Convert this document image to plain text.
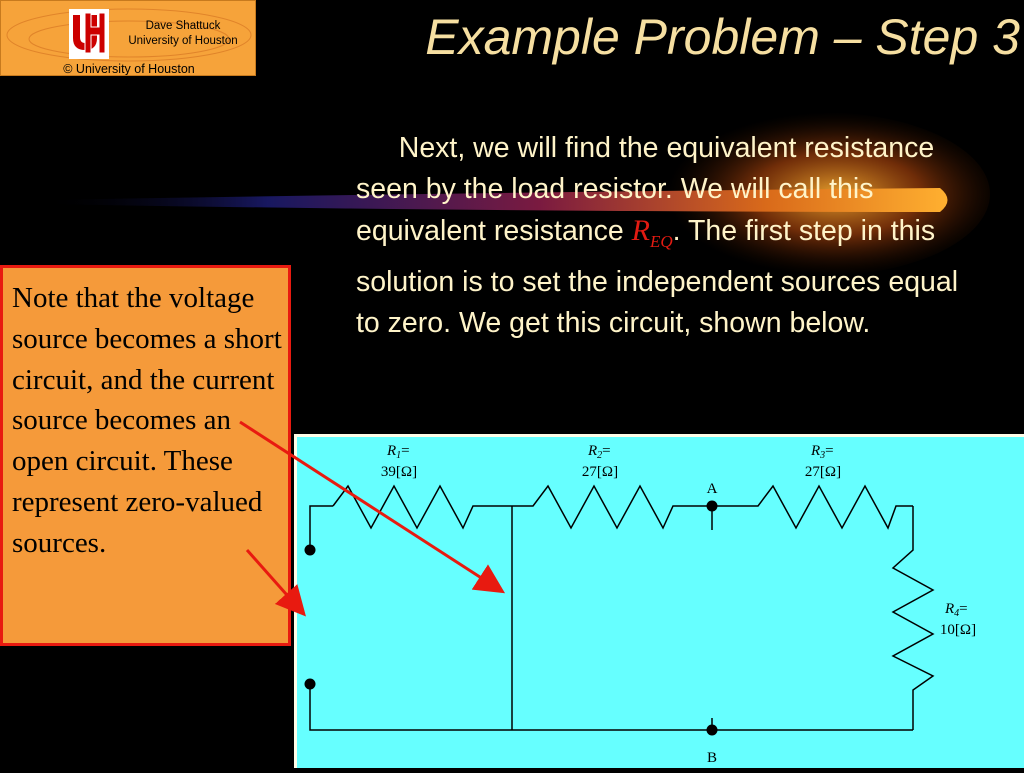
Dave Shattuck
University of Houston
© University of Houston
Example Problem – Step 3
  Next, we will find the equivalent resistance seen by the load resistor. We will call this equivalent resistance $R_{EQ}$. The first step in this solution is to set the independent sources equal to zero. We get this circuit, shown below.
Note that the voltage source becomes a short circuit, and the current source becomes an open circuit. These represent zero-valued sources.
$R_1=$
39[Ω]
$R_2=$
27[Ω]
$R_3=$
27[Ω]
$R_4=$
10[Ω]
A
B
